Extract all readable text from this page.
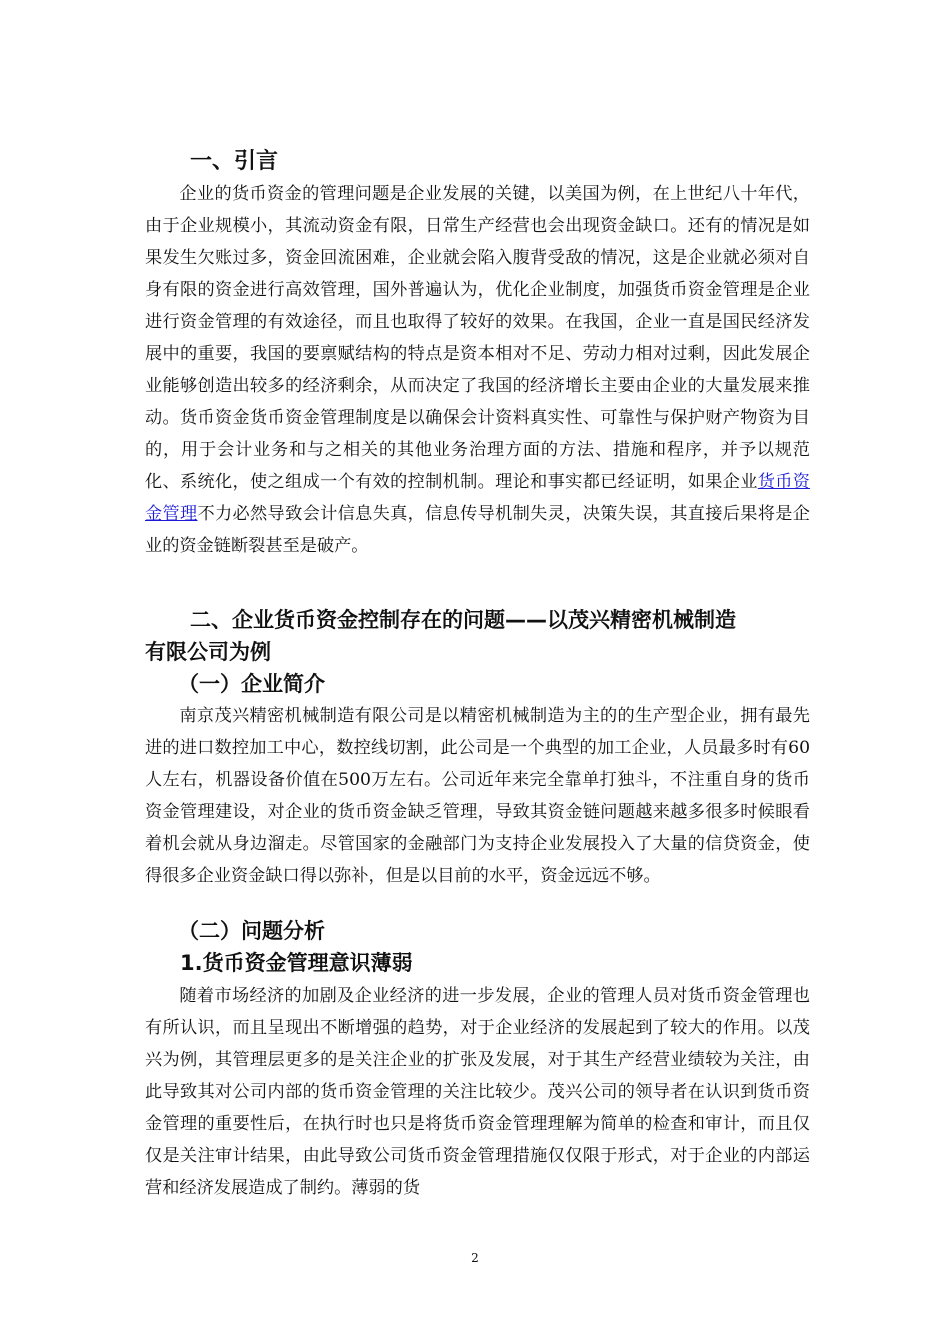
一、引言

企业的货币资金的管理问题是企业发展的关键，以美国为例，在上世纪八十年代，由于企业规模小，其流动资金有限，日常生产经营也会出现资金缺口。还有的情况是如果发生欠账过多，资金回流困难，企业就会陷入腹背受敌的情况，这是企业就必须对自身有限的资金进行高效管理，国外普遍认为，优化企业制度，加强货币资金管理是企业进行资金管理的有效途径，而且也取得了较好的效果。在我国，企业一直是国民经济发展中的重要，我国的要禀赋结构的特点是资本相对不足、劳动力相对过剩，因此发展企业能够创造出较多的经济剩余，从而决定了我国的经济增长主要由企业的大量发展来推动。货币资金货币资金管理制度是以确保会计资料真实性、可靠性与保护财产物资为目的，用于会计业务和与之相关的其他业务治理方面的方法、措施和程序，并予以规范化、系统化，使之组成一个有效的控制机制。理论和事实都已经证明，如果企业货币资金管理不力必然导致会计信息失真，信息传导机制失灵，决策失误，其直接后果将是企业的资金链断裂甚至是破产。

二、企业货币资金控制存在的问题——以茂兴精密机械制造
有限公司为例
（一）企业简介

南京茂兴精密机械制造有限公司是以精密机械制造为主的的生产型企业，拥有最先进的进口数控加工中心，数控线切割，此公司是一个典型的加工企业，人员最多时有60人左右，机器设备价值在500万左右。公司近年来完全靠单打独斗，不注重自身的货币资金管理建设，对企业的货币资金缺乏管理，导致其资金链问题越来越多很多时候眼看着机会就从身边溜走。尽管国家的金融部门为支持企业发展投入了大量的信贷资金，使得很多企业资金缺口得以弥补，但是以目前的水平，资金远远不够。

（二）问题分析
1.货币资金管理意识薄弱

随着市场经济的加剧及企业经济的进一步发展，企业的管理人员对货币资金管理也有所认识，而且呈现出不断增强的趋势，对于企业经济的发展起到了较大的作用。以茂兴为例，其管理层更多的是关注企业的扩张及发展，对于其生产经营业绩较为关注，由此导致其对公司内部的货币资金管理的关注比较少。茂兴公司的领导者在认识到货币资金管理的重要性后，在执行时也只是将货币资金管理理解为简单的检查和审计，而且仅仅是关注审计结果，由此导致公司货币资金管理措施仅仅限于形式，对于企业的内部运营和经济发展造成了制约。薄弱的货

2
